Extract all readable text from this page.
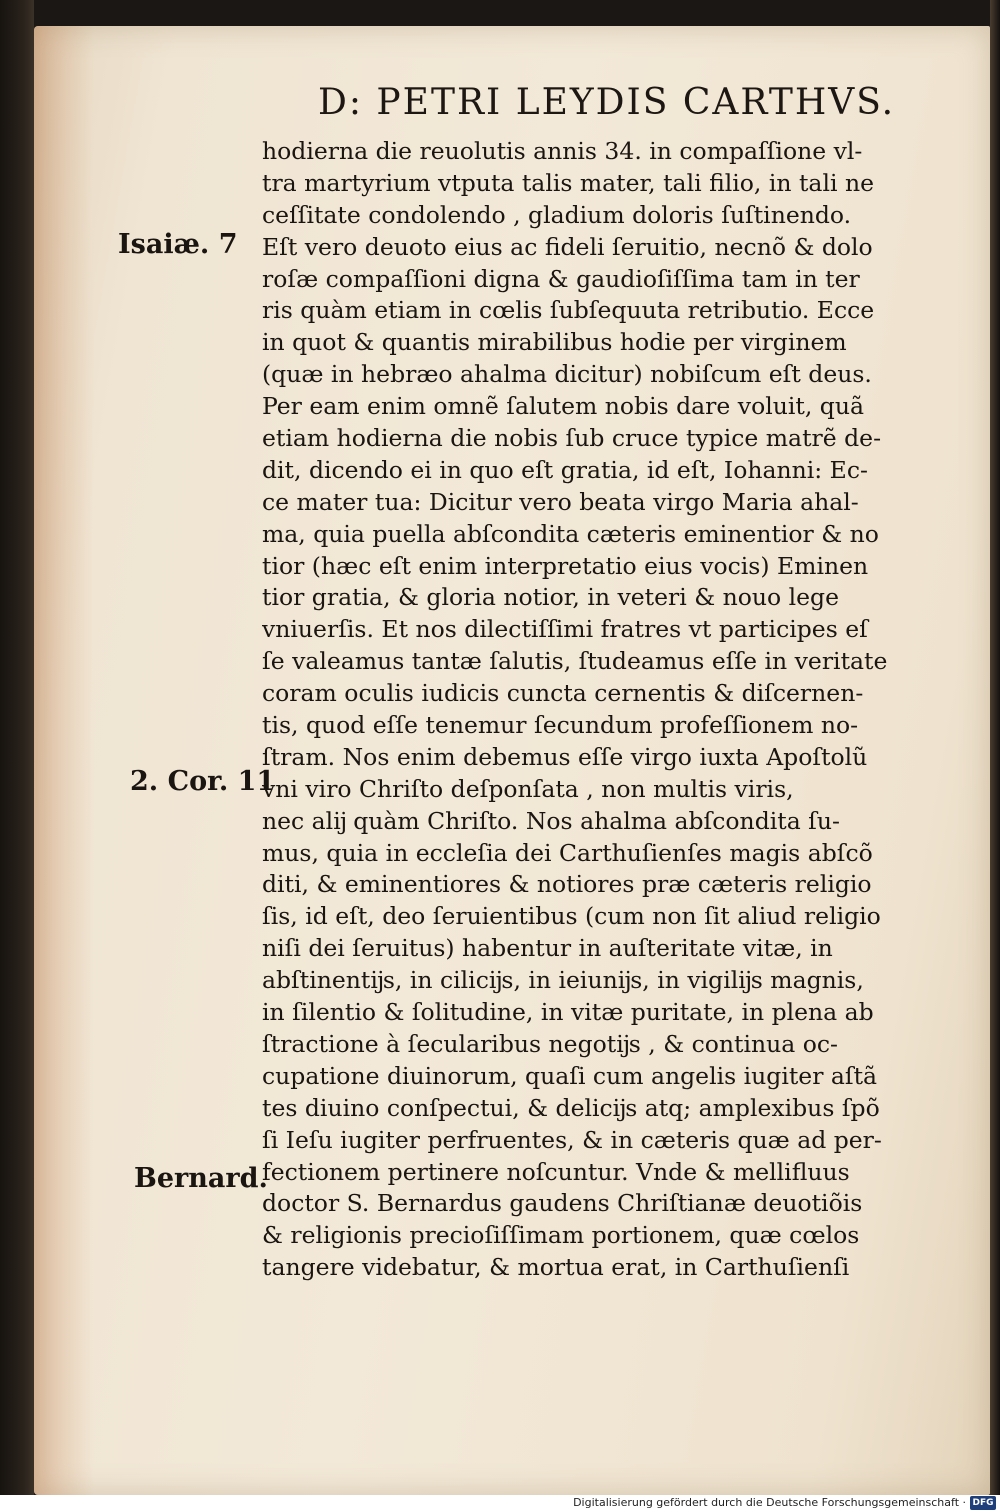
D: PETRI LEYDIS CARTHVS.
Isaiæ. 7
2. Cor. 11
Bernard.
hodierna die reuolutis annis 34. in compaſſione vl-
tra martyrium vtputa talis mater, tali filio, in tali ne
ceſſitate condolendo , gladium doloris ſuſtinendo.
Eſt vero deuoto eius ac fideli ſeruitio, necnõ & dolo
roſæ compaſſioni digna & gaudioſiſſima tam in ter
ris quàm etiam in cœlis ſubſequuta retributio. Ecce
in quot & quantis mirabilibus hodie per virginem
(quæ in hebræo ahalma dicitur) nobiſcum eſt deus.
Per eam enim omnẽ ſalutem nobis dare voluit, quã
etiam hodierna die nobis ſub cruce typice matrẽ de-
dit, dicendo ei in quo eſt gratia, id eſt, Iohanni: Ec-
ce mater tua: Dicitur vero beata virgo Maria ahal-
ma, quia puella abſcondita cæteris eminentior & no
tior (hæc eſt enim interpretatio eius vocis) Eminen
tior gratia, & gloria notior, in veteri & nouo lege
vniuerſis. Et nos dilectiſſimi fratres vt participes eſ
ſe valeamus tantæ ſalutis, ſtudeamus eſſe in veritate
coram oculis iudicis cuncta cernentis & diſcernen-
tis, quod eſſe tenemur ſecundum profeſſionem no-
ſtram. Nos enim debemus eſſe virgo iuxta Apoſtolũ
vni viro Chriſto deſponſata , non multis viris,
nec alĳ quàm Chriſto. Nos ahalma abſcondita ſu-
mus, quia in eccleſia dei Carthuſienſes magis abſcõ
diti, & eminentiores & notiores præ cæteris religio
ſis, id eſt, deo ſeruientibus (cum non ſit aliud religio
niſi dei ſeruitus) habentur in auſteritate vitæ, in
abſtinentĳs, in cilicĳs, in ieiunĳs, in vigilĳs magnis,
in ſilentio & ſolitudine, in vitæ puritate, in plena ab
ſtractione à ſecularibus negotĳs , & continua oc-
cupatione diuinorum, quaſi cum angelis iugiter aſtã
tes diuino conſpectui, & delicĳs atq; amplexibus ſpõ
ſi Ieſu iugiter perfruentes, & in cæteris quæ ad per-
fectionem pertinere noſcuntur. Vnde & mellifluus
doctor S. Bernardus gaudens Chriſtianæ deuotiõis
& religionis precioſiſſimam portionem, quæ cœlos
tangere videbatur, & mortua erat, in Carthuſienſi
Digitalisierung gefördert durch die Deutsche Forschungsgemeinschaft · DFG
